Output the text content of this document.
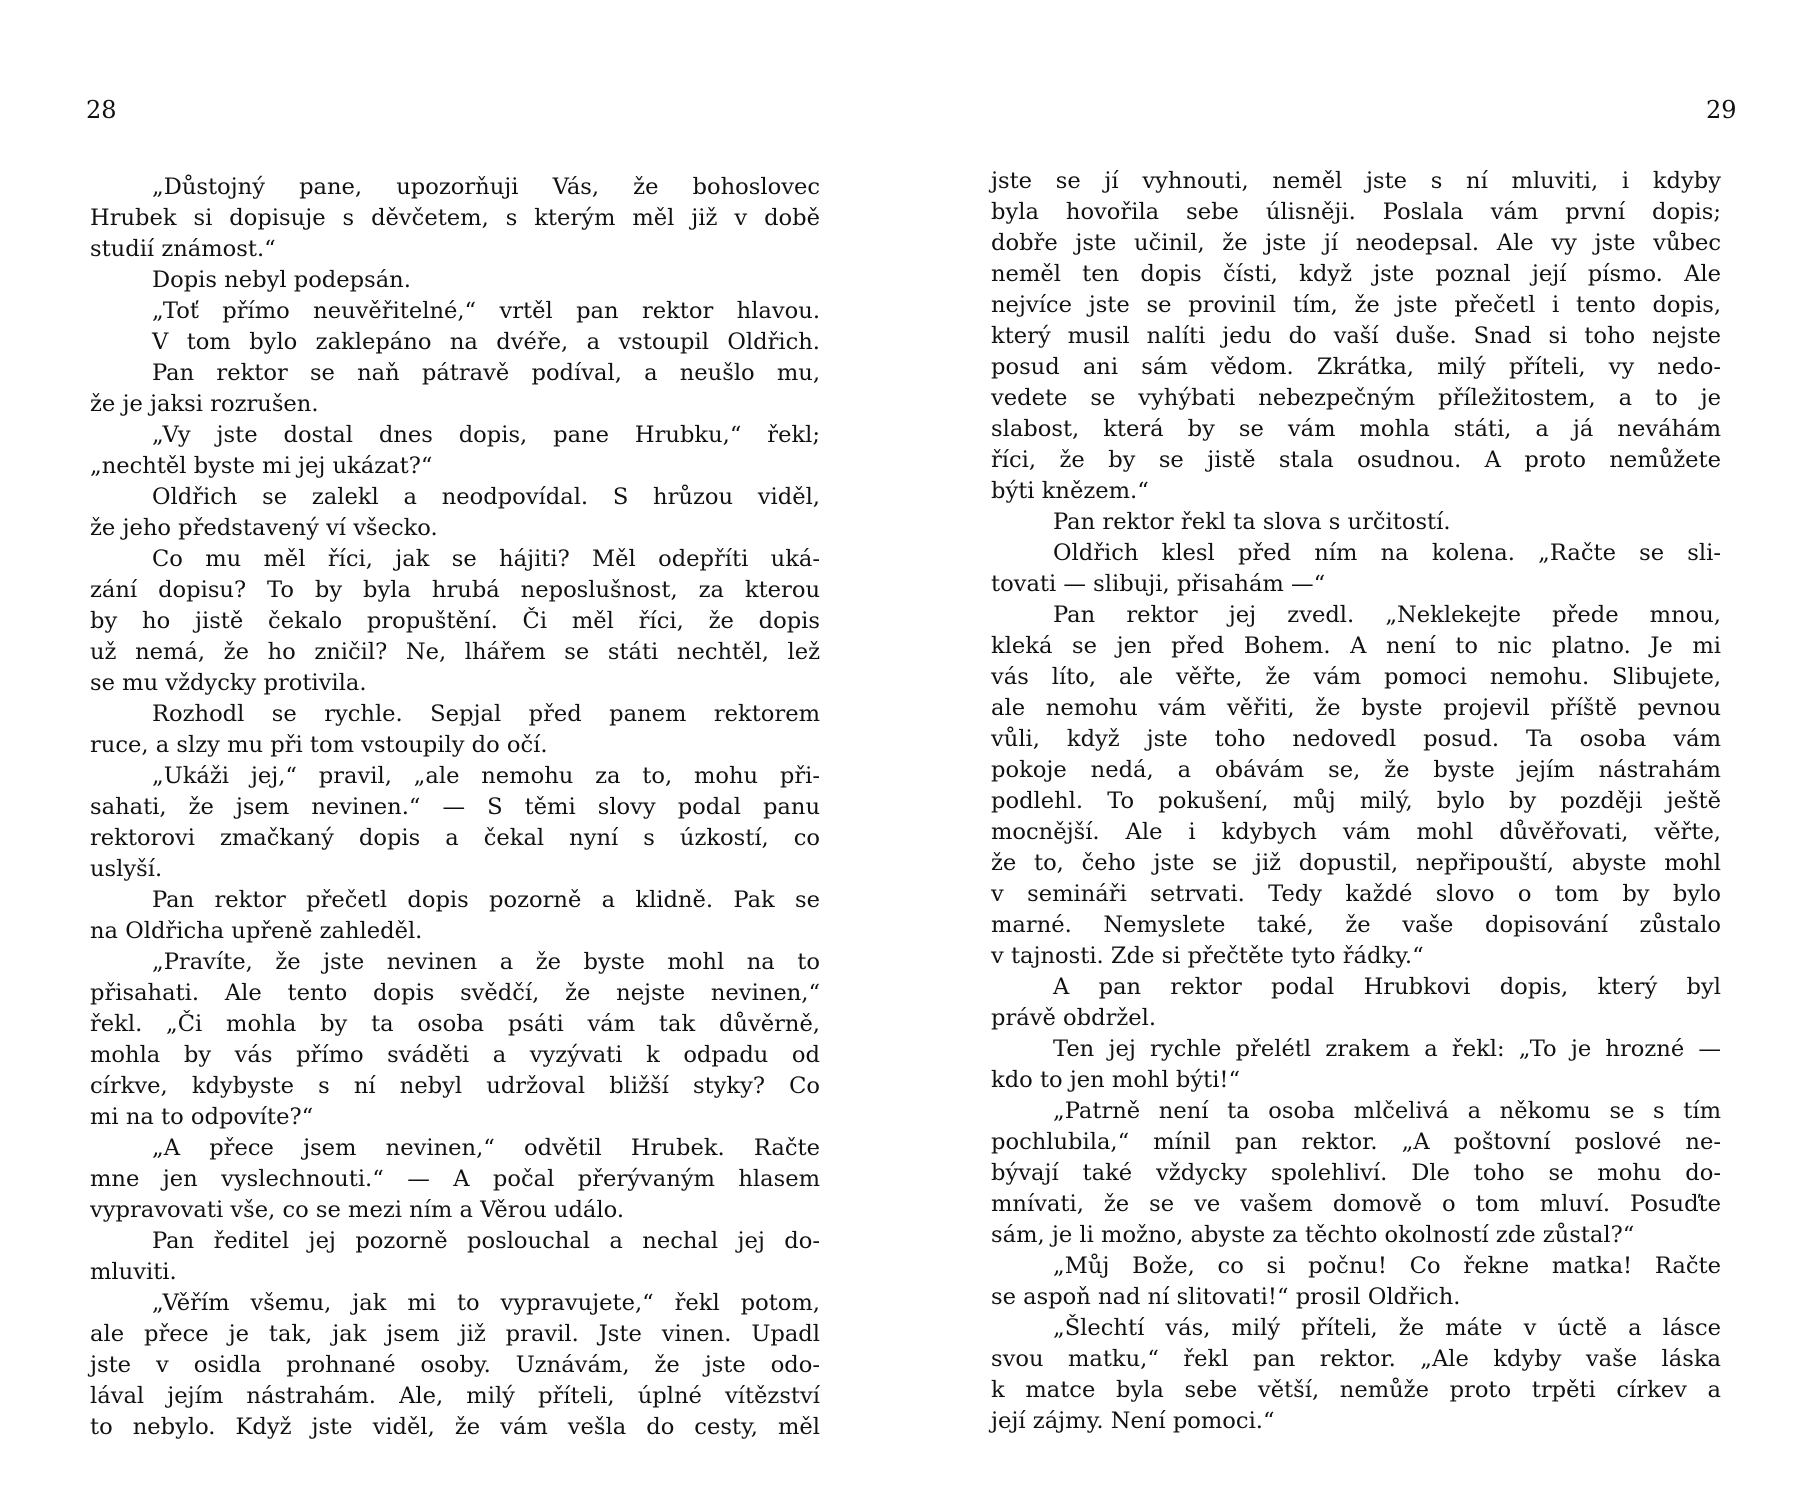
28
„Důstojný pane, upozorňuji Vás, že bohoslovec
Hrubek si dopisuje s děvčetem, s kterým měl již v době
studií známost.“
Dopis nebyl podepsán.
„Toť přímo neuvěřitelné,“ vrtěl pan rektor hlavou.
V tom bylo zaklepáno na dvéře, a vstoupil Oldřich.
Pan rektor se naň pátravě podíval, a neušlo mu,
že je jaksi rozrušen.
„Vy jste dostal dnes dopis, pane Hrubku,“ řekl;
„nechtěl byste mi jej ukázat?“
Oldřich se zalekl a neodpovídal. S hrůzou viděl,
že jeho představený ví všecko.
Co mu měl říci, jak se hájiti? Měl odepříti uká-
zání dopisu? To by byla hrubá neposlušnost, za kterou
by ho jistě čekalo propuštění. Či měl říci, že dopis
už nemá, že ho zničil? Ne, lhářem se státi nechtěl, lež
se mu vždycky protivila.
Rozhodl se rychle. Sepjal před panem rektorem
ruce, a slzy mu při tom vstoupily do očí.
„Ukáži jej,“ pravil, „ale nemohu za to, mohu při-
sahati, že jsem nevinen.“ — S těmi slovy podal panu
rektorovi zmačkaný dopis a čekal nyní s úzkostí, co
uslyší.
Pan rektor přečetl dopis pozorně a klidně. Pak se
na Oldřicha upřeně zahleděl.
„Pravíte, že jste nevinen a že byste mohl na to
přisahati. Ale tento dopis svědčí, že nejste nevinen,“
řekl. „Či mohla by ta osoba psáti vám tak důvěrně,
mohla by vás přímo sváděti a vyzývati k odpadu od
církve, kdybyste s ní nebyl udržoval bližší styky? Co
mi na to odpovíte?“
„A přece jsem nevinen,“ odvětil Hrubek. Račte
mne jen vyslechnouti.“ — A počal přerývaným hlasem
vypravovati vše, co se mezi ním a Věrou událo.
Pan ředitel jej pozorně poslouchal a nechal jej do-
mluviti.
„Věřím všemu, jak mi to vypravujete,“ řekl potom,
ale přece je tak, jak jsem již pravil. Jste vinen. Upadl
jste v osidla prohnané osoby. Uznávám, že jste odo-
lával jejím nástrahám. Ale, milý příteli, úplné vítězství
to nebylo. Když jste viděl, že vám vešla do cesty, měl
29
jste se jí vyhnouti, neměl jste s ní mluviti, i kdyby
byla hovořila sebe úlisněji. Poslala vám první dopis;
dobře jste učinil, že jste jí neodepsal. Ale vy jste vůbec
neměl ten dopis čísti, když jste poznal její písmo. Ale
nejvíce jste se provinil tím, že jste přečetl i tento dopis,
který musil nalíti jedu do vaší duše. Snad si toho nejste
posud ani sám vědom. Zkrátka, milý příteli, vy nedo-
vedete se vyhýbati nebezpečným příležitostem, a to je
slabost, která by se vám mohla státi, a já neváhám
říci, že by se jistě stala osudnou. A proto nemůžete
býti knězem.“
Pan rektor řekl ta slova s určitostí.
Oldřich klesl před ním na kolena. „Račte se sli-
tovati — slibuji, přisahám —“
Pan rektor jej zvedl. „Neklekejte přede mnou,
kleká se jen před Bohem. A není to nic platno. Je mi
vás líto, ale věřte, že vám pomoci nemohu. Slibujete,
ale nemohu vám věřiti, že byste projevil příště pevnou
vůli, když jste toho nedovedl posud. Ta osoba vám
pokoje nedá, a obávám se, že byste jejím nástrahám
podlehl. To pokušení, můj milý, bylo by později ještě
mocnější. Ale i kdybych vám mohl důvěřovati, věřte,
že to, čeho jste se již dopustil, nepřipouští, abyste mohl
v semináři setrvati. Tedy každé slovo o tom by bylo
marné. Nemyslete také, že vaše dopisování zůstalo
v tajnosti. Zde si přečtěte tyto řádky.“
A pan rektor podal Hrubkovi dopis, který byl
právě obdržel.
Ten jej rychle přelétl zrakem a řekl: „To je hrozné —
kdo to jen mohl býti!“
„Patrně není ta osoba mlčelivá a někomu se s tím
pochlubila,“ mínil pan rektor. „A poštovní poslové ne-
bývají také vždycky spolehliví. Dle toho se mohu do-
mnívati, že se ve vašem domově o tom mluví. Posuďte
sám, je li možno, abyste za těchto okolností zde zůstal?“
„Můj Bože, co si počnu! Co řekne matka! Račte
se aspoň nad ní slitovati!“ prosil Oldřich.
„Šlechtí vás, milý příteli, že máte v úctě a lásce
svou matku,“ řekl pan rektor. „Ale kdyby vaše láska
k matce byla sebe větší, nemůže proto trpěti církev a
její zájmy. Není pomoci.“
